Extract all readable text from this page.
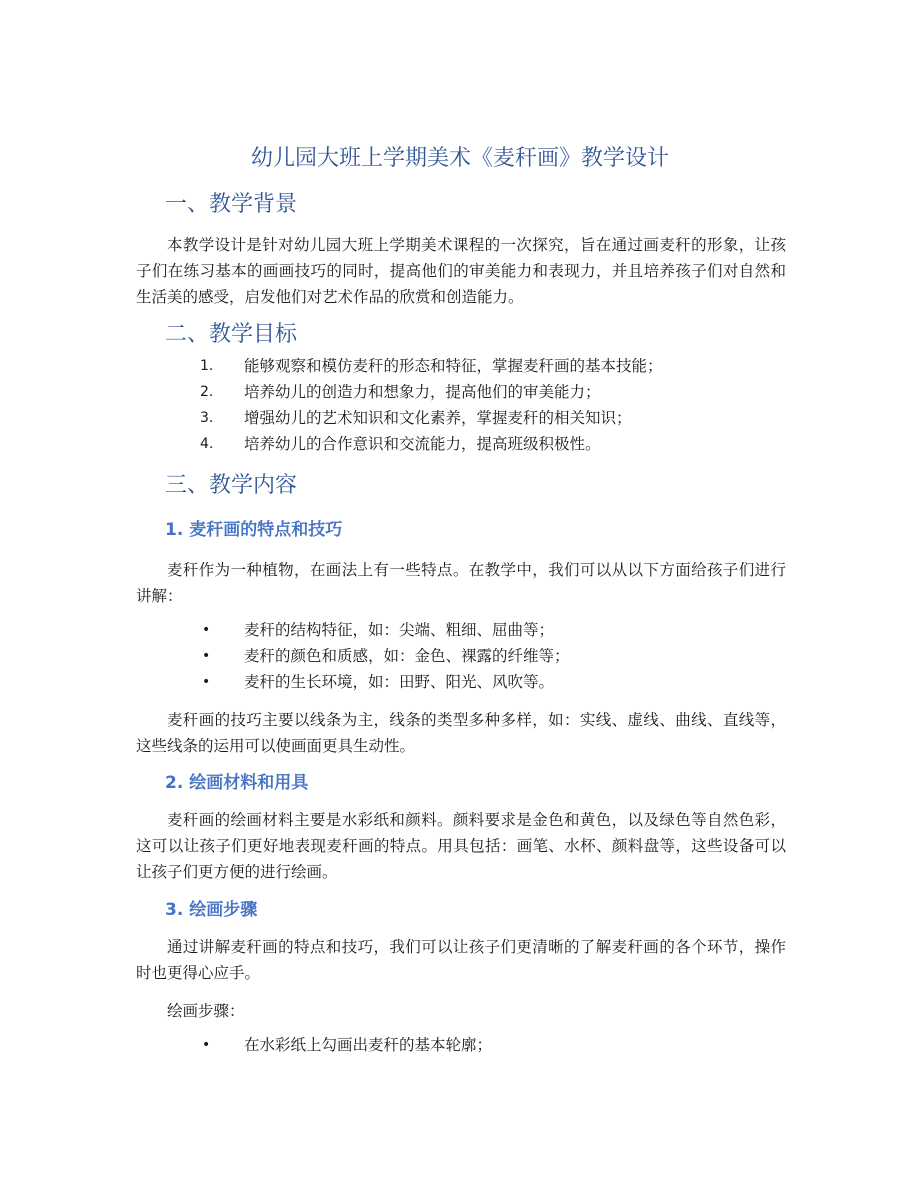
幼儿园大班上学期美术《麦秆画》教学设计
一、教学背景

本教学设计是针对幼儿园大班上学期美术课程的一次探究，旨在通过画麦秆的形象，让孩子们在练习基本的画画技巧的同时，提高他们的审美能力和表现力，并且培养孩子们对自然和生活美的感受，启发他们对艺术作品的欣赏和创造能力。

二、教学目标
1.	能够观察和模仿麦秆的形态和特征，掌握麦秆画的基本技能；
2.	培养幼儿的创造力和想象力，提高他们的审美能力；
3.	增强幼儿的艺术知识和文化素养，掌握麦秆的相关知识；
4.	培养幼儿的合作意识和交流能力，提高班级积极性。
三、教学内容
1. 麦秆画的特点和技巧

麦秆作为一种植物，在画法上有一些特点。在教学中，我们可以从以下方面给孩子们进行讲解：

• 麦秆的结构特征，如：尖端、粗细、屈曲等；
• 麦秆的颜色和质感，如：金色、裸露的纤维等；
• 麦秆的生长环境，如：田野、阳光、风吹等。

麦秆画的技巧主要以线条为主，线条的类型多种多样，如：实线、虚线、曲线、直线等，这些线条的运用可以使画面更具生动性。

2. 绘画材料和用具

麦秆画的绘画材料主要是水彩纸和颜料。颜料要求是金色和黄色，以及绿色等自然色彩，这可以让孩子们更好地表现麦秆画的特点。用具包括：画笔、水杯、颜料盘等，这些设备可以让孩子们更方便的进行绘画。

3. 绘画步骤

通过讲解麦秆画的特点和技巧，我们可以让孩子们更清晰的了解麦秆画的各个环节，操作时也更得心应手。

绘画步骤：

• 在水彩纸上勾画出麦秆的基本轮廓；
